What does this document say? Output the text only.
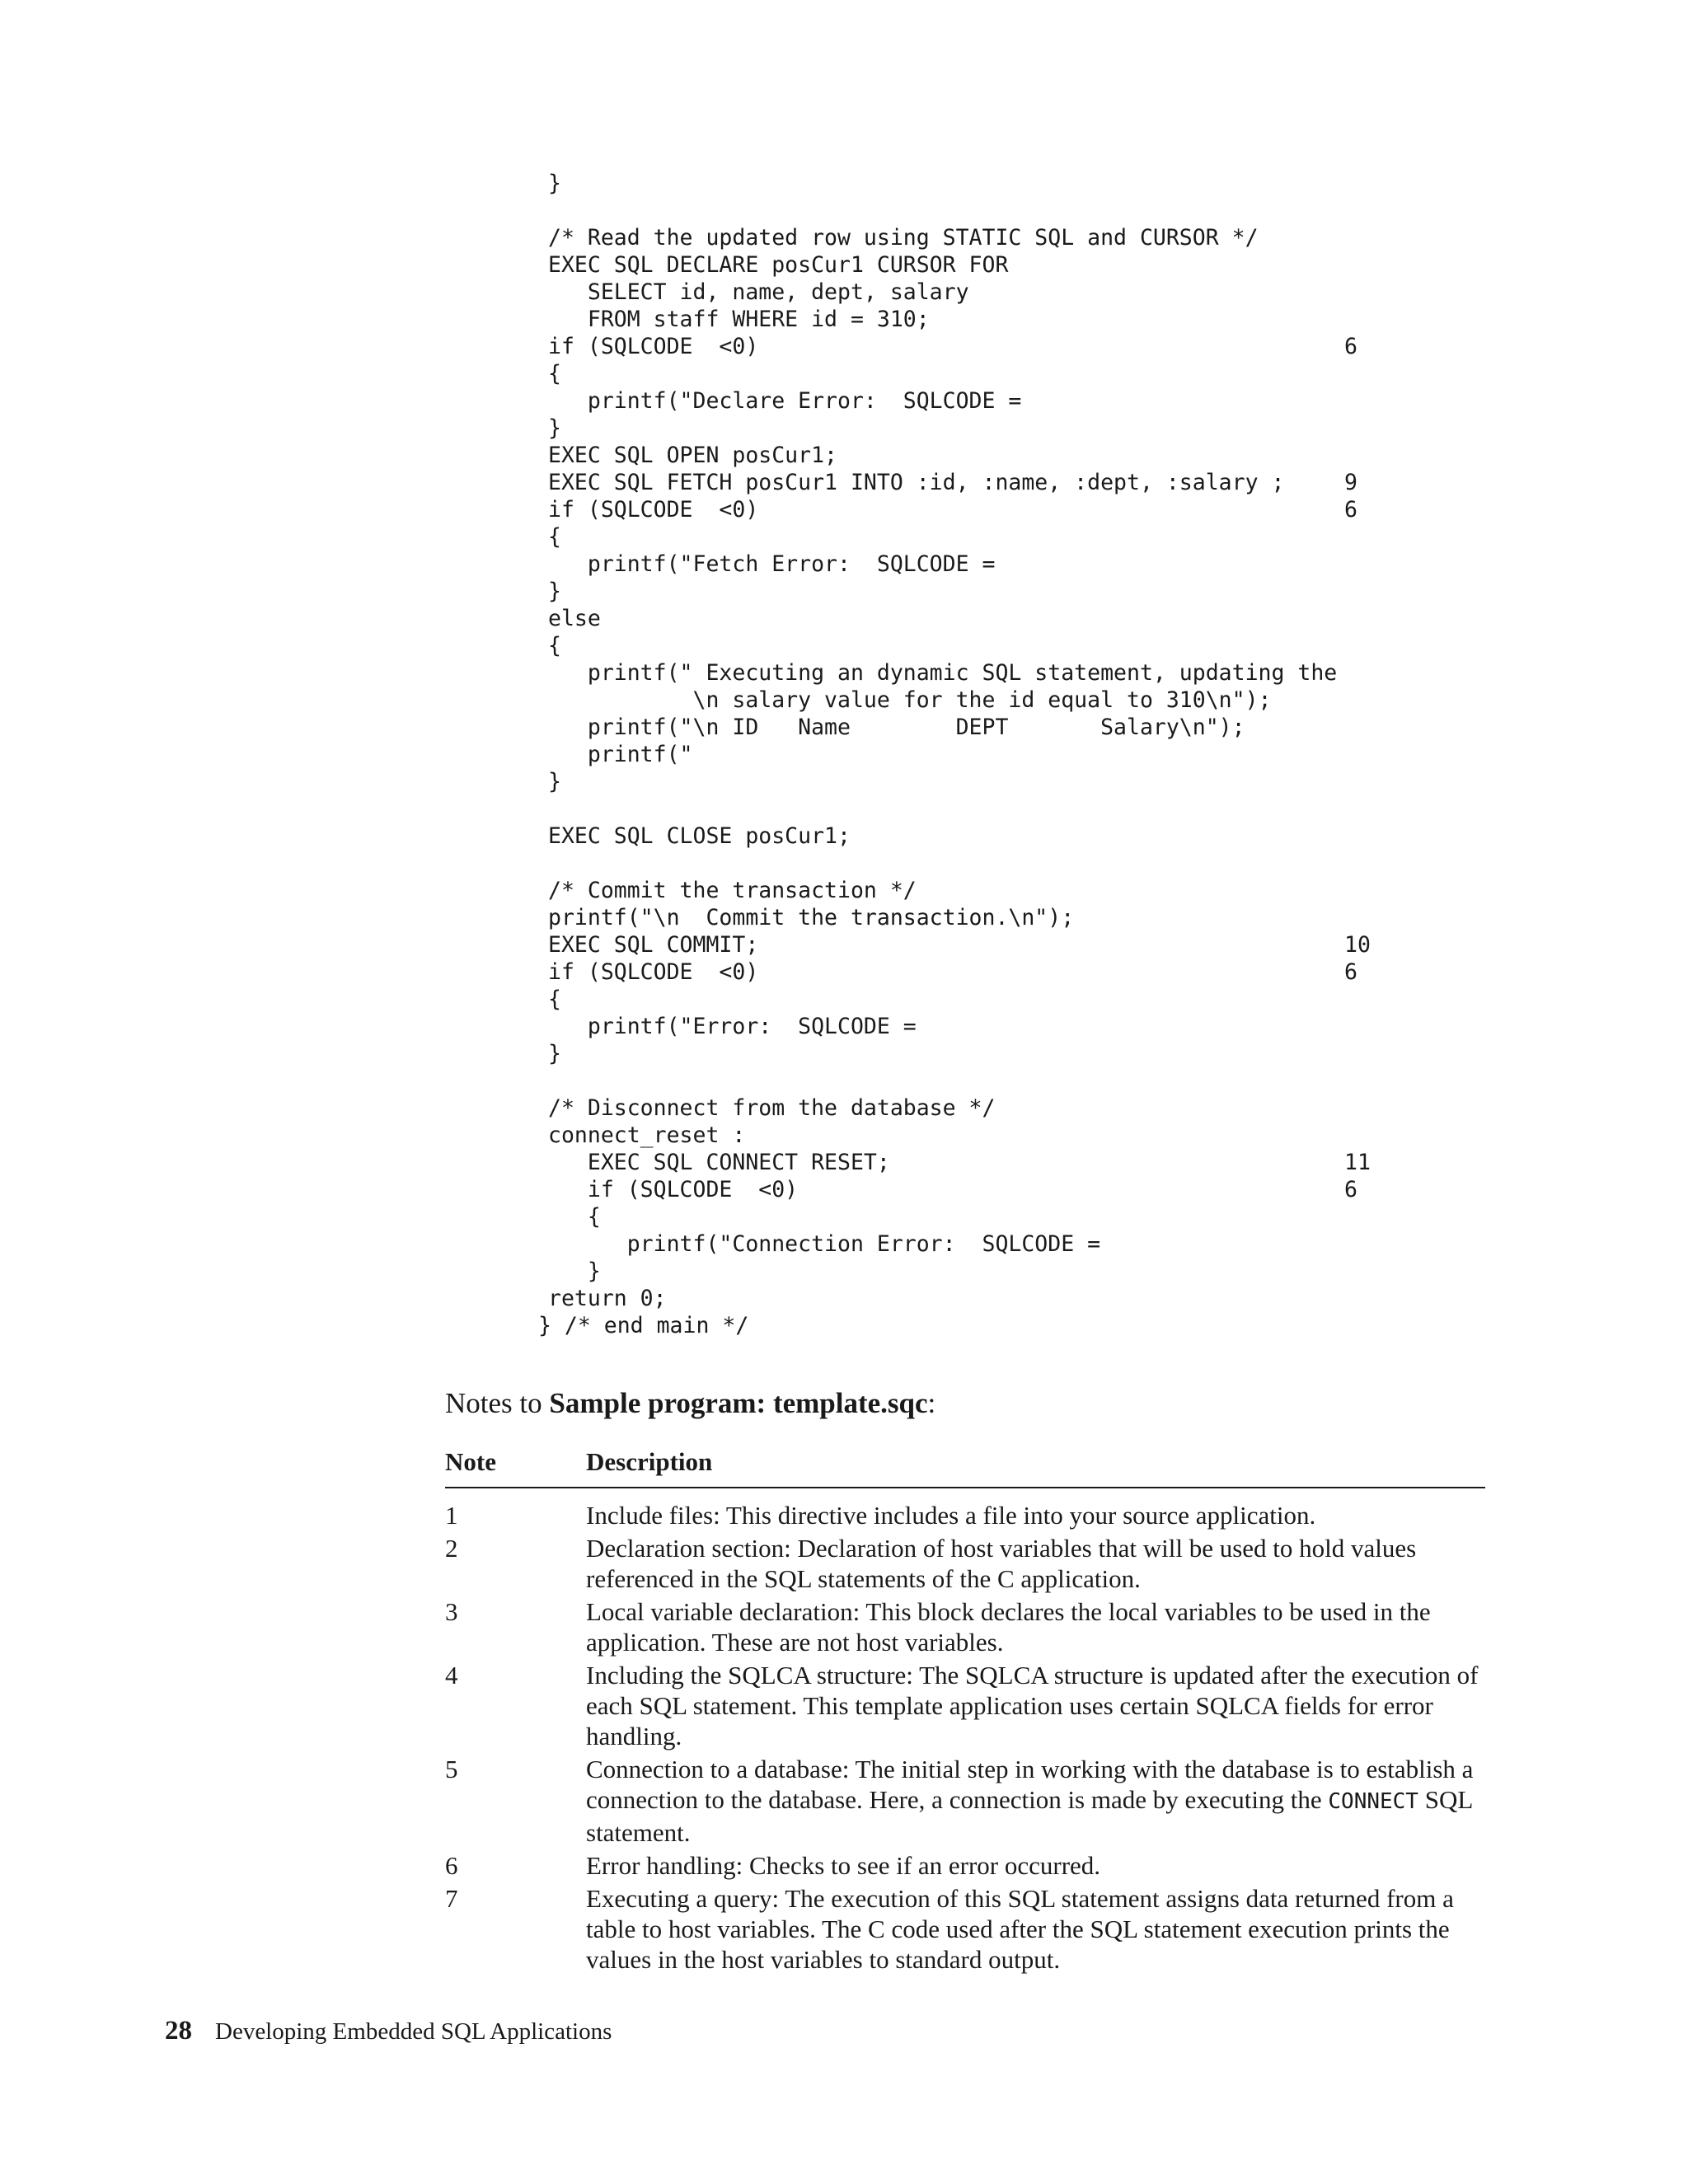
}
/* Read the updated row using STATIC SQL and CURSOR */
EXEC SQL DECLARE posCur1 CURSOR FOR
SELECT id, name, dept, salary
FROM staff WHERE id = 310;
if (SQLCODE  <0)	6
{
printf("Declare Error:  SQLCODE =
}
EXEC SQL OPEN posCur1;
EXEC SQL FETCH posCur1 INTO :id, :name, :dept, :salary ;	9
if (SQLCODE  <0)	6
{
printf("Fetch Error:  SQLCODE =
}
else
{
printf(" Executing an dynamic SQL statement, updating the
\n salary value for the id equal to 310\n");
printf("\n ID   Name        DEPT       Salary\n");
printf("
}
EXEC SQL CLOSE posCur1;
/* Commit the transaction */
printf("\n  Commit the transaction.\n");
EXEC SQL COMMIT;	10
if (SQLCODE  <0)	6
{
printf("Error:  SQLCODE =
}
/* Disconnect from the database */
connect_reset :
EXEC SQL CONNECT RESET;	11
if (SQLCODE  <0)	6
{
printf("Connection Error:  SQLCODE =
}
return 0;
} /* end main */
Notes to Sample program: template.sqc:
Note	Description
1	Include files: This directive includes a file into your source application.
2	Declaration section: Declaration of host variables that will be used to hold values referenced in the SQL statements of the C application.
3	Local variable declaration: This block declares the local variables to be used in the application. These are not host variables.
4	Including the SQLCA structure: The SQLCA structure is updated after the execution of each SQL statement. This template application uses certain SQLCA fields for error handling.
5	Connection to a database: The initial step in working with the database is to establish a connection to the database. Here, a connection is made by executing the CONNECT SQL statement.
6	Error handling: Checks to see if an error occurred.
7	Executing a query: The execution of this SQL statement assigns data returned from a table to host variables. The C code used after the SQL statement execution prints the values in the host variables to standard output.
28 Developing Embedded SQL Applications
